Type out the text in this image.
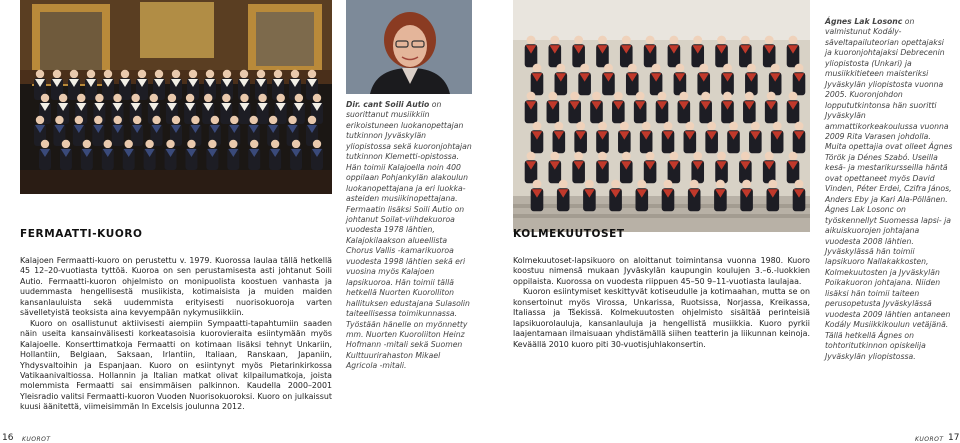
FERMAATTI-KUORO

Kalajoen Fermaatti-kuoro on perustettu v. 1979. Kuorossa laulaa tällä hetkellä 45 12–20-vuotiasta tyttöä. Kuoroa on sen perustamisesta asti johtanut Soili Autio. Fermaatti-kuoron ohjelmisto on monipuolista koostuen vanhasta ja uudemmasta hengellisestä musiikista, kotimaisista ja muiden maiden kansanlauluista sekä uudemmista erityisesti nuorisokuoroja varten sävelletyistä teoksista aina kevyempään nykymusiikkiin.

Kuoro on osallistunut aktiivisesti aiempiin Sympaatti-tapahtumiin saaden näin useita kansainvälisesti korkeatasoisia kuorovieraita esiintymään myös Kalajoelle. Konserttimatkoja Fermaatti on kotimaan lisäksi tehnyt Unkariin, Hollantiin, Belgiaan, Saksaan, Irlantiin, Italiaan, Ranskaan, Japaniin, Yhdysvaltoihin ja Espanjaan. Kuoro on esiintynyt myös Pietarinkirkossa Vatikaanivaltiossa. Hollannin ja Italian matkat olivat kilpailumatkoja, joista molemmista Fermaatti sai ensimmäisen palkinnon. Kaudella 2000–2001 Yleisradio valitsi Fermaatti-kuoron Vuoden Nuorisokuoroksi. Kuoro on julkaissut kuusi äänitettä, viimeisimmän In Excelsis joulunna 2012.

Dir. cant Soili Autio on suorittanut musiikkiin erikoistuneen luokanopettajan tutkinnon Jyväskylän yliopistossa sekä kuoronjohtajan tutkinnon Klemetti-opistossa. Hän toimii Kalajoella noin 400 oppilaan Pohjankylän alakoulun luokanopettajana ja eri luokka-asteiden musiikinopettajana. Fermaatin lisäksi Soili Autio on johtanut Soilat-viihdekuoroa vuodesta 1978 lähtien, Kalajokilaakson alueellista Chorus Vallis -kamarikuoroa vuodesta 1998 lähtien sekä eri vuosina myös Kalajoen lapsikuoroa. Hän toimii tällä hetkellä Nuorten Kuorolliton hallituksen edustajana Sulasolin taiteellisessa toimikunnassa. Työstään hänelle on myönnetty mm. Nuorten Kuoroliiton Heinz Hofmann -mitali sekä Suomen Kulttuurirahaston Mikael Agricola -mitali.
16 KUOROT
KOLMEKUUTOSET

Kolmekuutoset-lapsikuoro on aloittanut toimintansa vuonna 1980. Kuoro koostuu nimensä mukaan Jyväskylän kaupungin koulujen 3.–6.-luokkien oppilaista. Kuorossa on vuodesta riippuen 45–50 9–11-vuotiasta laulajaa.

Kuoron esiintymiset keskittyvät kotiseudulle ja kotimaahan, mutta se on konsertoinut myös Virossa, Unkarissa, Ruotsissa, Norjassa, Kreikassa, Italiassa ja Tšekissä. Kolmekuutosten ohjelmisto sisältää perinteisiä lapsikuorolauluja, kansanlauluja ja hengellistä musiikkia. Kuoro pyrkii laajentamaan ilmaisuaan yhdistämällä siihen teatterin ja liikunnan keinoja. Keväällä 2010 kuoro piti 30-vuotisjuhlakonsertin.

Ágnes Lak Losonc on valmistunut Kodály-säveltapailuteorian opettajaksi ja kuoronjohtajaksi Debrecenin yliopistosta (Unkari) ja musiikkitieteen maisteriksi Jyväskylän yliopistosta vuonna 2005. Kuoronjohdon loppututkintonsa hän suoritti Jyväskylän ammattikorkeakoulussa vuonna 2009 Rita Varasen johdolla. Muita opettajia ovat olleet Ágnes Török ja Dénes Szabó. Useilla kesä- ja mestarikursseilla häntä ovat opettaneet myös David Vinden, Péter Erdei, Czifra János, Anders Eby ja Kari Ala-Pöllänen. Ágnes Lak Losonc on työskennellyt Suomessa lapsi- ja aikuiskuorojen johtajana vuodesta 2008 lähtien. Jyväskylässä hän toimii lapsikuoro Nallakakkosten, Kolmekuutosten ja Jyväskylän Poikakuoron johtajana. Niiden lisäksi hän toimii taiteen perusopetusta Jyväskylässä vuodesta 2009 lähtien antaneen Kodály Musiikkikoulun vetäjänä. Tällä hetkellä Ágnes on tohtoritutkinnon opiskelija Jyväskylän yliopistossa.
KUOROT 17
